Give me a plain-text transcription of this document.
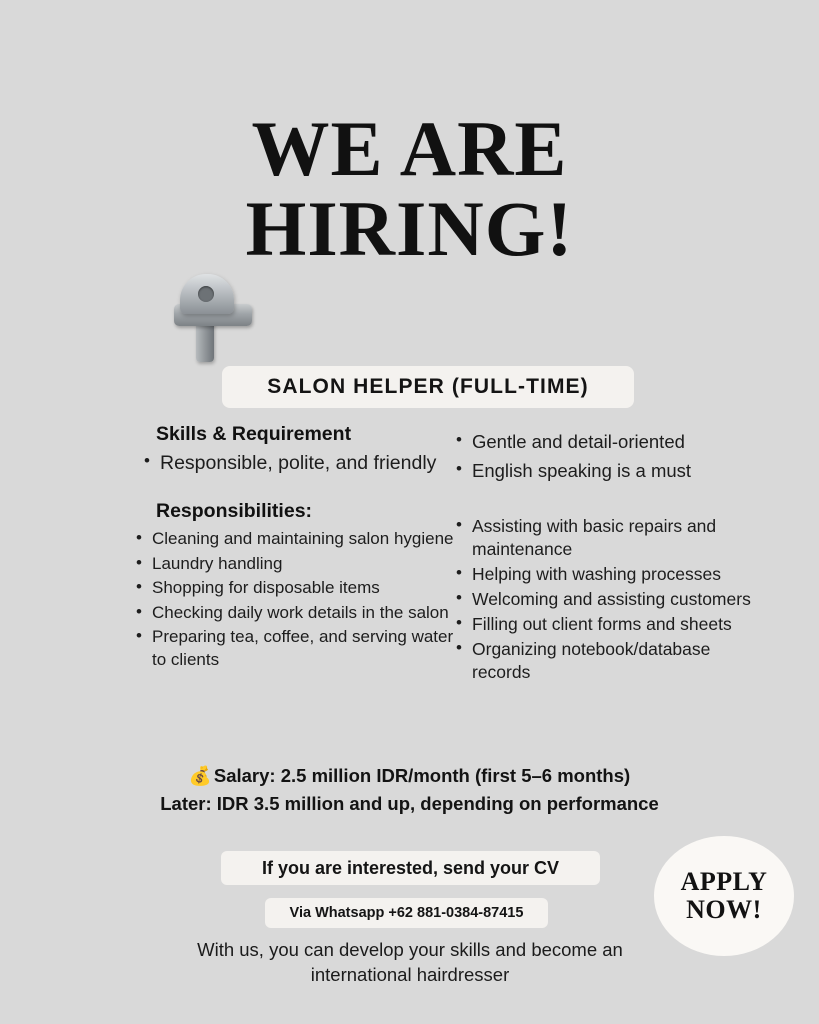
WE ARE
HIRING!
SALON HELPER (FULL-TIME)
Skills & Requirement
• Responsible, polite, and friendly
Responsibilities:
• Cleaning and maintaining salon hygiene
• Laundry handling
• Shopping for disposable items
• Checking daily work details in the salon
• Preparing tea, coffee, and serving water to clients
• Gentle and detail-oriented
• English speaking is a must
• Assisting with basic repairs and maintenance
• Helping with washing processes
• Welcoming and assisting customers
• Filling out client forms and sheets
• Organizing notebook/database records
💰 Salary: 2.5 million IDR/month (first 5–6 months)
Later: IDR 3.5 million and up, depending on performance
If you are interested, send your CV
Via Whatsapp +62 881-0384-87415
With us, you can develop your skills and become an international hairdresser
APPLY
NOW!
